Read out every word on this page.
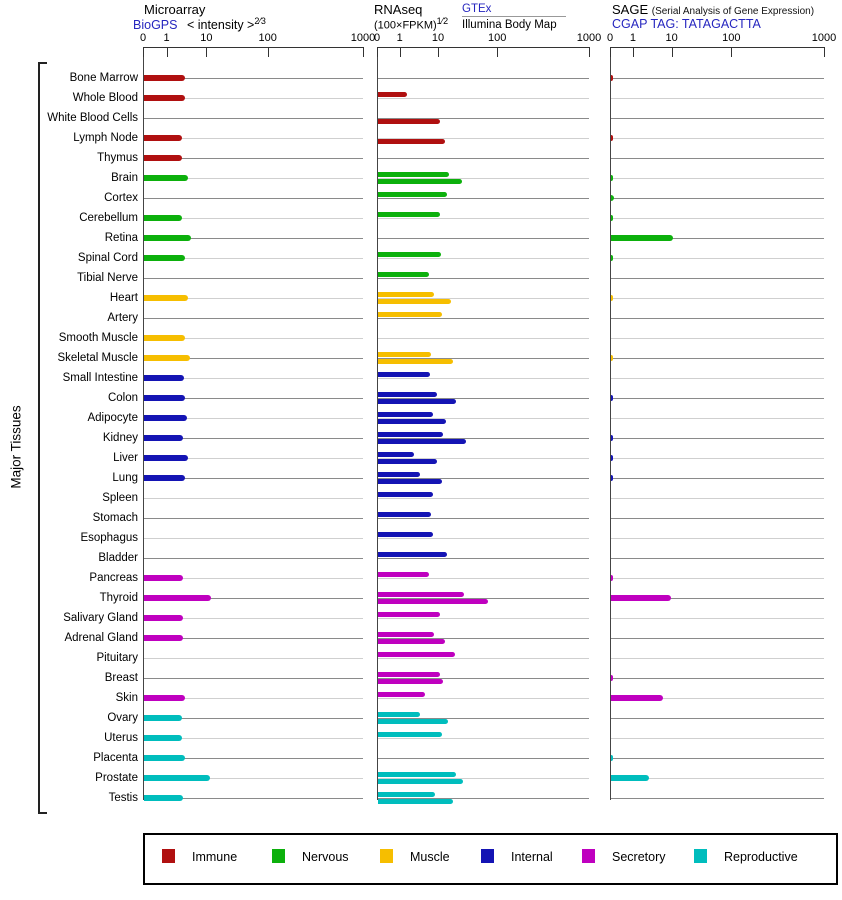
Microarray
BioGPS < intensity >$^{2⁄3}$
RNAseq
(100×FPKM)$^{1⁄2}$
GTEx
Illumina Body Map
SAGE (Serial Analysis of Gene Expression)
CGAP TAG: TATAGACTTA
Major Tissues
0 1	10	100	1000
0 1	10	100	1000 0 1	10	100	1000
Bone Marrow
Whole Blood
White Blood Cells
Lymph Node
Thymus
Brain
Cortex
Cerebellum
Retina
Spinal Cord
Tibial Nerve
Heart
Artery
Smooth Muscle
Skeletal Muscle
Small Intestine
Colon
Adipocyte
Kidney
Liver
Lung
Spleen
Stomach
Esophagus
Bladder
Pancreas
Thyroid
Salivary Gland
Adrenal Gland
Pituitary
Breast
Skin
Ovary
Uterus
Placenta
Prostate
Testis
Immune	Nervous	Muscle	Internal	Secretory	Reproductive
